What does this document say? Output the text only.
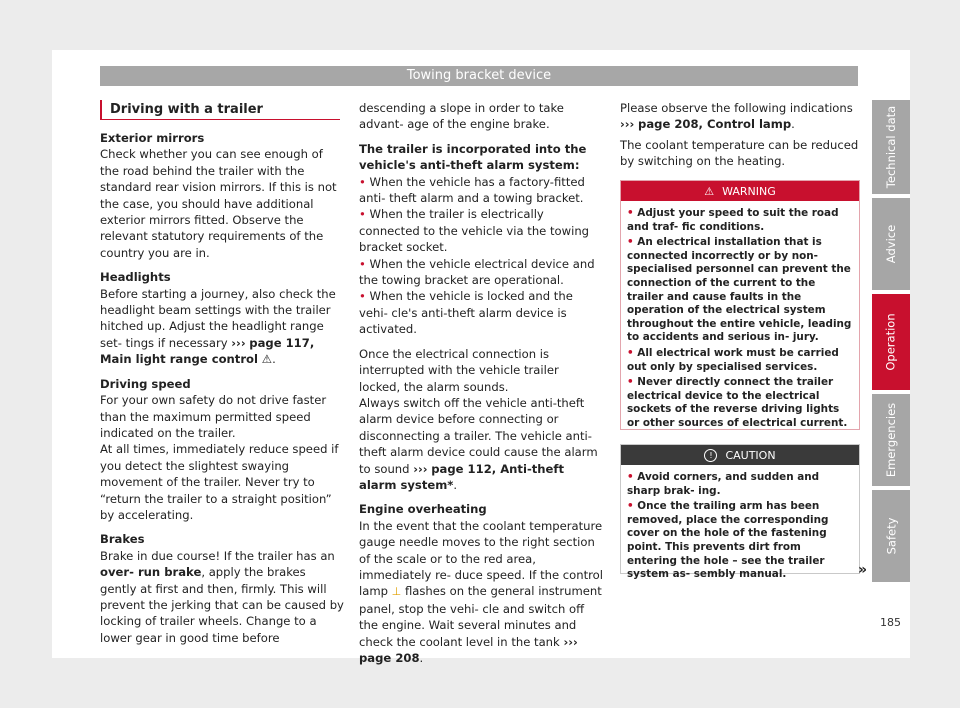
Towing bracket device
Driving with a trailer

Exterior mirrors

Check whether you can see enough of the road behind the trailer with the standard rear vision mirrors. If this is not the case, you should have additional exterior mirrors fitted. Observe the relevant statutory requirements of the country you are in.

Headlights

Before starting a journey, also check the headlight beam settings with the trailer hitched up. Adjust the headlight range set- tings if necessary ››› page 117, Main light range control ⚠.

Driving speed

For your own safety do not drive faster than the maximum permitted speed indicated on the trailer.

At all times, immediately reduce speed if you detect the slightest swaying movement of the trailer. Never try to “return the trailer to a straight position” by accelerating.

Brakes

Brake in due course! If the trailer has an over- run brake, apply the brakes gently at first and then, firmly. This will prevent the jerking that can be caused by locking of trailer wheels. Change to a lower gear in good time before

descending a slope in order to take advant- age of the engine brake.

The trailer is incorporated into the vehicle's anti-theft alarm system:

• When the vehicle has a factory-fitted anti- theft alarm and a towing bracket.

• When the trailer is electrically connected to the vehicle via the towing bracket socket.

• When the vehicle electrical device and the towing bracket are operational.

• When the vehicle is locked and the vehi- cle's anti-theft alarm device is activated.

Once the electrical connection is interrupted with the vehicle trailer locked, the alarm sounds.

Always switch off the vehicle anti-theft alarm device before connecting or disconnecting a trailer. The vehicle anti-theft alarm device could cause the alarm to sound ››› page 112, Anti-theft alarm system*.

Engine overheating

In the event that the coolant temperature gauge needle moves to the right section of the scale or to the red area, immediately re- duce speed. If the control lamp ⊥ flashes on the general instrument panel, stop the vehi- cle and switch off the engine. Wait several minutes and check the coolant level in the tank ››› page 208.

Please observe the following indications
››› page 208, Control lamp.

The coolant temperature can be reduced by switching on the heating.

⚠ WARNING

• Adjust your speed to suit the road and traf- fic conditions.

• An electrical installation that is connected incorrectly or by non-specialised personnel can prevent the connection of the current to the trailer and cause faults in the operation of the electrical system throughout the entire vehicle, leading to accidents and serious in- jury.

• All electrical work must be carried out only by specialised services.

• Never directly connect the trailer electrical device to the electrical sockets of the reverse driving lights or other sources of electrical current.

!	CAUTION

• Avoid corners, and sudden and sharp brak- ing.

• Once the trailing arm has been removed, place the corresponding cover on the hole of the fastening point. This prevents dirt from entering the hole – see the trailer system as- sembly manual.	»
Technical data
Advice
Operation
Emergencies
Safety
185
